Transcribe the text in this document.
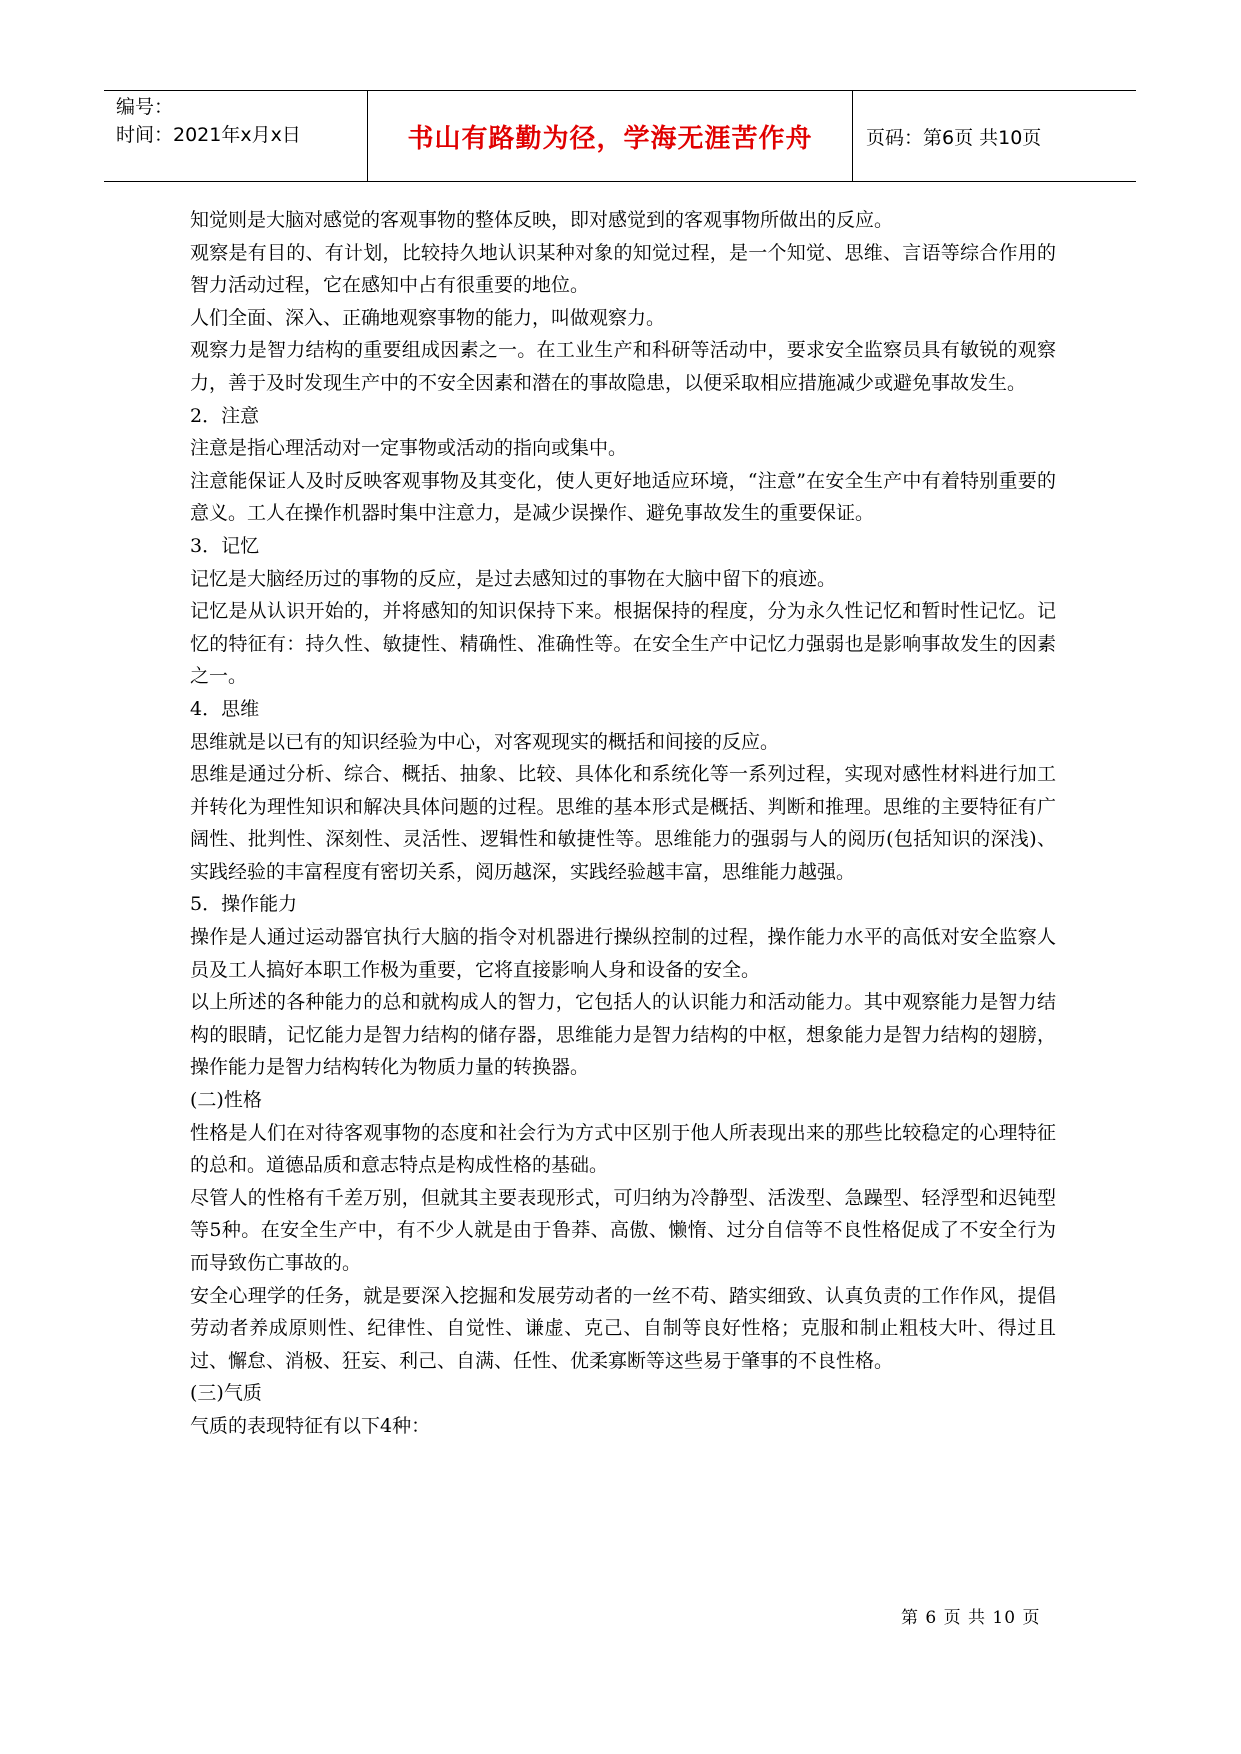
编号：
时间：2021年x月x日	书山有路勤为径，学海无涯苦作舟	页码：第6页 共10页

知觉则是大脑对感觉的客观事物的整体反映，即对感觉到的客观事物所做出的反应。

观察是有目的、有计划，比较持久地认识某种对象的知觉过程，是一个知觉、思维、言语等综合作用的智力活动过程，它在感知中占有很重要的地位。

人们全面、深入、正确地观察事物的能力，叫做观察力。

观察力是智力结构的重要组成因素之一。在工业生产和科研等活动中，要求安全监察员具有敏锐的观察力，善于及时发现生产中的不安全因素和潜在的事故隐患，以便采取相应措施减少或避免事故发生。

2．注意

注意是指心理活动对一定事物或活动的指向或集中。

注意能保证人及时反映客观事物及其变化，使人更好地适应环境，“注意”在安全生产中有着特别重要的意义。工人在操作机器时集中注意力，是减少误操作、避免事故发生的重要保证。

3．记忆

记忆是大脑经历过的事物的反应，是过去感知过的事物在大脑中留下的痕迹。

记忆是从认识开始的，并将感知的知识保持下来。根据保持的程度，分为永久性记忆和暂时性记忆。记忆的特征有：持久性、敏捷性、精确性、准确性等。在安全生产中记忆力强弱也是影响事故发生的因素之一。

4．思维

思维就是以已有的知识经验为中心，对客观现实的概括和间接的反应。

思维是通过分析、综合、概括、抽象、比较、具体化和系统化等一系列过程，实现对感性材料进行加工并转化为理性知识和解决具体问题的过程。思维的基本形式是概括、判断和推理。思维的主要特征有广阔性、批判性、深刻性、灵活性、逻辑性和敏捷性等。思维能力的强弱与人的阅历(包括知识的深浅)、实践经验的丰富程度有密切关系，阅历越深，实践经验越丰富，思维能力越强。

5．操作能力

操作是人通过运动器官执行大脑的指令对机器进行操纵控制的过程，操作能力水平的高低对安全监察人员及工人搞好本职工作极为重要，它将直接影响人身和设备的安全。

以上所述的各种能力的总和就构成人的智力，它包括人的认识能力和活动能力。其中观察能力是智力结构的眼睛，记忆能力是智力结构的储存器，思维能力是智力结构的中枢，想象能力是智力结构的翅膀，操作能力是智力结构转化为物质力量的转换器。

(二)性格

性格是人们在对待客观事物的态度和社会行为方式中区别于他人所表现出来的那些比较稳定的心理特征的总和。道德品质和意志特点是构成性格的基础。

尽管人的性格有千差万别，但就其主要表现形式，可归纳为冷静型、活泼型、急躁型、轻浮型和迟钝型等5种。在安全生产中，有不少人就是由于鲁莽、高傲、懒惰、过分自信等不良性格促成了不安全行为而导致伤亡事故的。

安全心理学的任务，就是要深入挖掘和发展劳动者的一丝不苟、踏实细致、认真负责的工作作风，提倡劳动者养成原则性、纪律性、自觉性、谦虚、克己、自制等良好性格；克服和制止粗枝大叶、得过且过、懈怠、消极、狂妄、利己、自满、任性、优柔寡断等这些易于肇事的不良性格。

(三)气质

气质的表现特征有以下4种：

第 6 页 共 10 页
